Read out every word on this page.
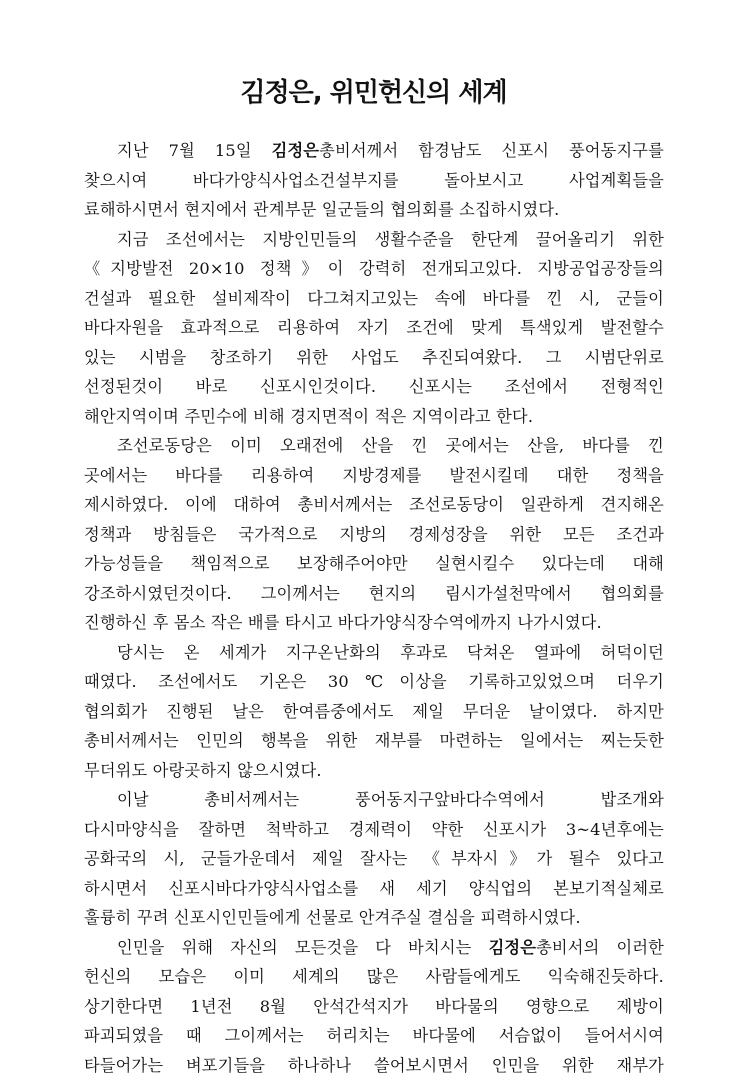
김정은, 위민헌신의 세계
지난 7월 15일 김정은총비서께서 함경남도 신포시 풍어동지구를
찾으시여 바다가양식사업소건설부지를 돌아보시고 사업계획들을
료해하시면서 현지에서 관계부문 일군들의 협의회를 소집하시였다.
지금 조선에서는 지방인민들의 생활수준을 한단계 끌어올리기 위한
《지방발전 20×10 정책》이 강력히 전개되고있다. 지방공업공장들의
건설과 필요한 설비제작이 다그쳐지고있는 속에 바다를 낀 시, 군들이
바다자원을 효과적으로 리용하여 자기 조건에 맞게 특색있게 발전할수
있는 시범을 창조하기 위한 사업도 추진되여왔다. 그 시범단위로
선정된것이 바로 신포시인것이다. 신포시는 조선에서 전형적인
해안지역이며 주민수에 비해 경지면적이 적은 지역이라고 한다.
조선로동당은 이미 오래전에 산을 낀 곳에서는 산을, 바다를 낀
곳에서는 바다를 리용하여 지방경제를 발전시킬데 대한 정책을
제시하였다. 이에 대하여 총비서께서는 조선로동당이 일관하게 견지해온
정책과 방침들은 국가적으로 지방의 경제성장을 위한 모든 조건과
가능성들을 책임적으로 보장해주어야만 실현시킬수 있다는데 대해
강조하시였던것이다. 그이께서는 현지의 림시가설천막에서 협의회를
진행하신 후 몸소 작은 배를 타시고 바다가양식장수역에까지 나가시였다.
당시는 온 세계가 지구온난화의 후과로 닥쳐온 열파에 허덕이던
때였다. 조선에서도 기온은 30℃이상을 기록하고있었으며 더우기
협의회가 진행된 날은 한여름중에서도 제일 무더운 날이였다. 하지만
총비서께서는 인민의 행복을 위한 재부를 마련하는 일에서는 찌는듯한
무더위도 아랑곳하지 않으시였다.
이날 총비서께서는 풍어동지구앞바다수역에서 밥조개와
다시마양식을 잘하면 척박하고 경제력이 약한 신포시가 3~4년후에는
공화국의 시, 군들가운데서 제일 잘사는 《부자시》가 될수 있다고
하시면서 신포시바다가양식사업소를 새 세기 양식업의 본보기적실체로
훌륭히 꾸려 신포시인민들에게 선물로 안겨주실 결심을 피력하시였다.
인민을 위해 자신의 모든것을 다 바치시는 김정은총비서의 이러한
헌신의 모습은 이미 세계의 많은 사람들에게도 익숙해진듯하다.
상기한다면 1년전 8월 안석간석지가 바다물의 영향으로 제방이
파괴되였을 때 그이께서는 허리치는 바다물에 서슴없이 들어서시여
타들어가는 벼포기들을 하나하나 쓸어보시면서 인민을 위한 재부가
